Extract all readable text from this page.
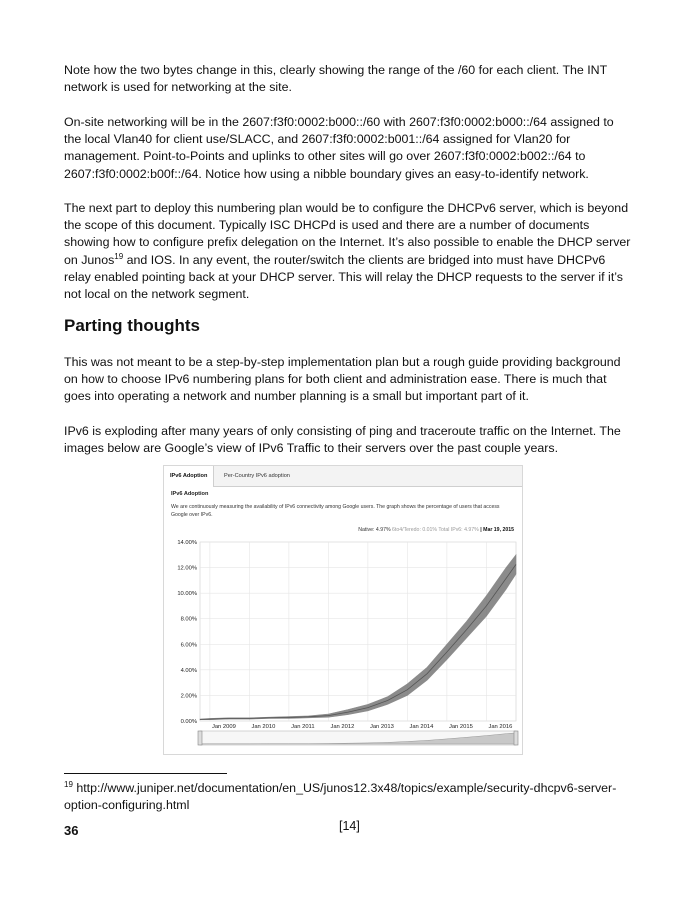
Note how the two bytes change in this, clearly showing the range of the /60 for each client. The INT network is used for networking at the site.

On-site networking will be in the 2607:f3f0:0002:b000::/60 with 2607:f3f0:0002:b000::/64 assigned to the local Vlan40 for client use/SLACC, and 2607:f3f0:0002:b001::/64 assigned for Vlan20 for management. Point-to-Points and uplinks to other sites will go over 2607:f3f0:0002:b002::/64 to 2607:f3f0:0002:b00f::/64. Notice how using a nibble boundary gives an easy-to-identify network.

The next part to deploy this numbering plan would be to configure the DHCPv6 server, which is beyond the scope of this document. Typically ISC DHCPd is used and there are a number of documents showing how to configure prefix delegation on the Internet. It’s also possible to enable the DHCP server on Junos$^{19}$ and IOS. In any event, the router/switch the clients are bridged into must have DHCPv6 relay enabled pointing back at your DHCP server. This will relay the DHCP requests to the server if it’s not local on the network segment.

Parting thoughts

This was not meant to be a step-by-step implementation plan but a rough guide providing background on how to choose IPv6 numbering plans for both client and administration ease. There is much that goes into operating a network and number planning is a small but important part of it.

IPv6 is exploding after many years of only consisting of ping and traceroute traffic on the Internet. The images below are Google’s view of IPv6 Traffic to their servers over the past couple years.

IPv6 Adoption	Per-Country IPv6 adoption
IPv6 Adoption
We are continuously measuring the availability of IPv6 connectivity among Google users. The graph shows the percentage of users that access Google over IPv6.
Native: 4.97% 6to4/Teredo: 0.01% Total IPv6: 4.97% | Mar 19, 2015
0.00%
2.00%
4.00%
6.00%
8.00%
10.00%
12.00%
14.00%
Jan 2009	Jan 2010	Jan 2011	Jan 2012	Jan 2013	Jan 2014	Jan 2015	Jan 2016

$^{19}$ http://www.juniper.net/documentation/en_US/junos12.3x48/topics/example/security-dhcpv6-server-option-configuring.html

36	[14]
